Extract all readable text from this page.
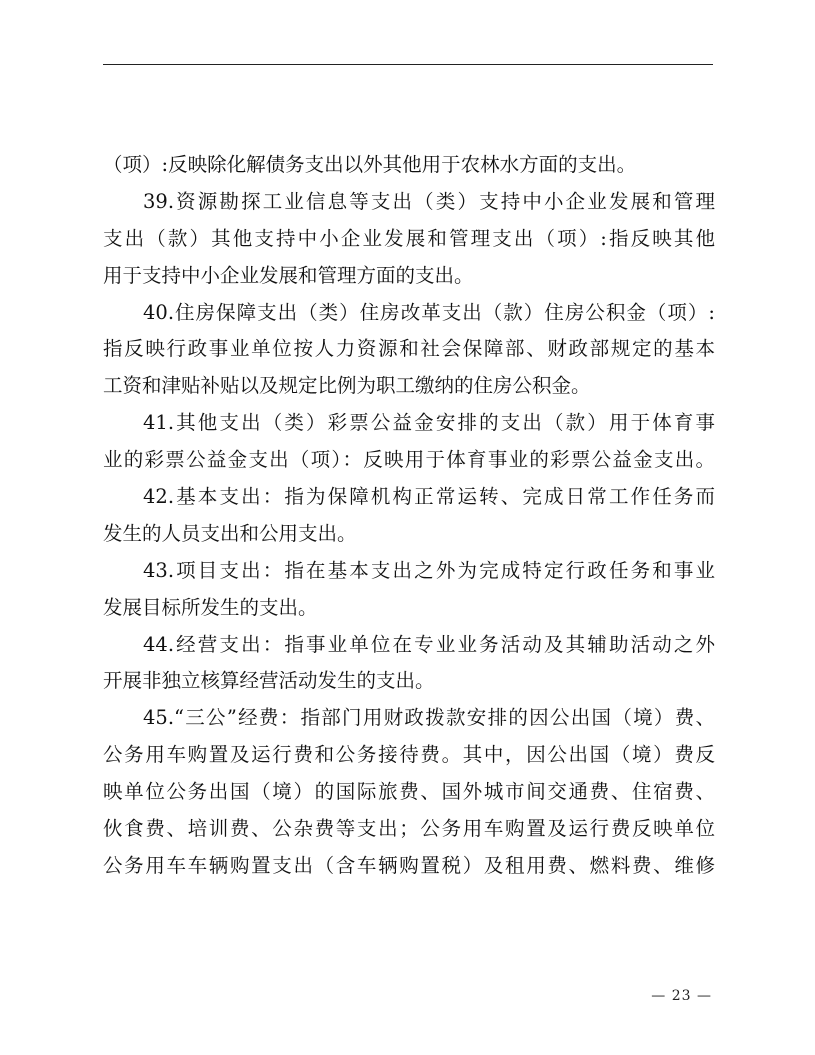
（项）:反映除化解债务支出以外其他用于农林水方面的支出。
39.资源勘探工业信息等支出（类）支持中小企业发展和管理
支出（款）其他支持中小企业发展和管理支出（项）:指反映其他
用于支持中小企业发展和管理方面的支出。
40.住房保障支出（类）住房改革支出（款）住房公积金（项）:
指反映行政事业单位按人力资源和社会保障部、财政部规定的基本
工资和津贴补贴以及规定比例为职工缴纳的住房公积金。
41.其他支出（类）彩票公益金安排的支出（款）用于体育事
业的彩票公益金支出（项）：反映用于体育事业的彩票公益金支出。
42.基本支出：指为保障机构正常运转、完成日常工作任务而
发生的人员支出和公用支出。
43.项目支出：指在基本支出之外为完成特定行政任务和事业
发展目标所发生的支出。
44.经营支出：指事业单位在专业业务活动及其辅助活动之外
开展非独立核算经营活动发生的支出。
45.“三公”经费：指部门用财政拨款安排的因公出国（境）费、
公务用车购置及运行费和公务接待费。其中，因公出国（境）费反
映单位公务出国（境）的国际旅费、国外城市间交通费、住宿费、
伙食费、培训费、公杂费等支出；公务用车购置及运行费反映单位
公务用车车辆购置支出（含车辆购置税）及租用费、燃料费、维修
— 23 —
